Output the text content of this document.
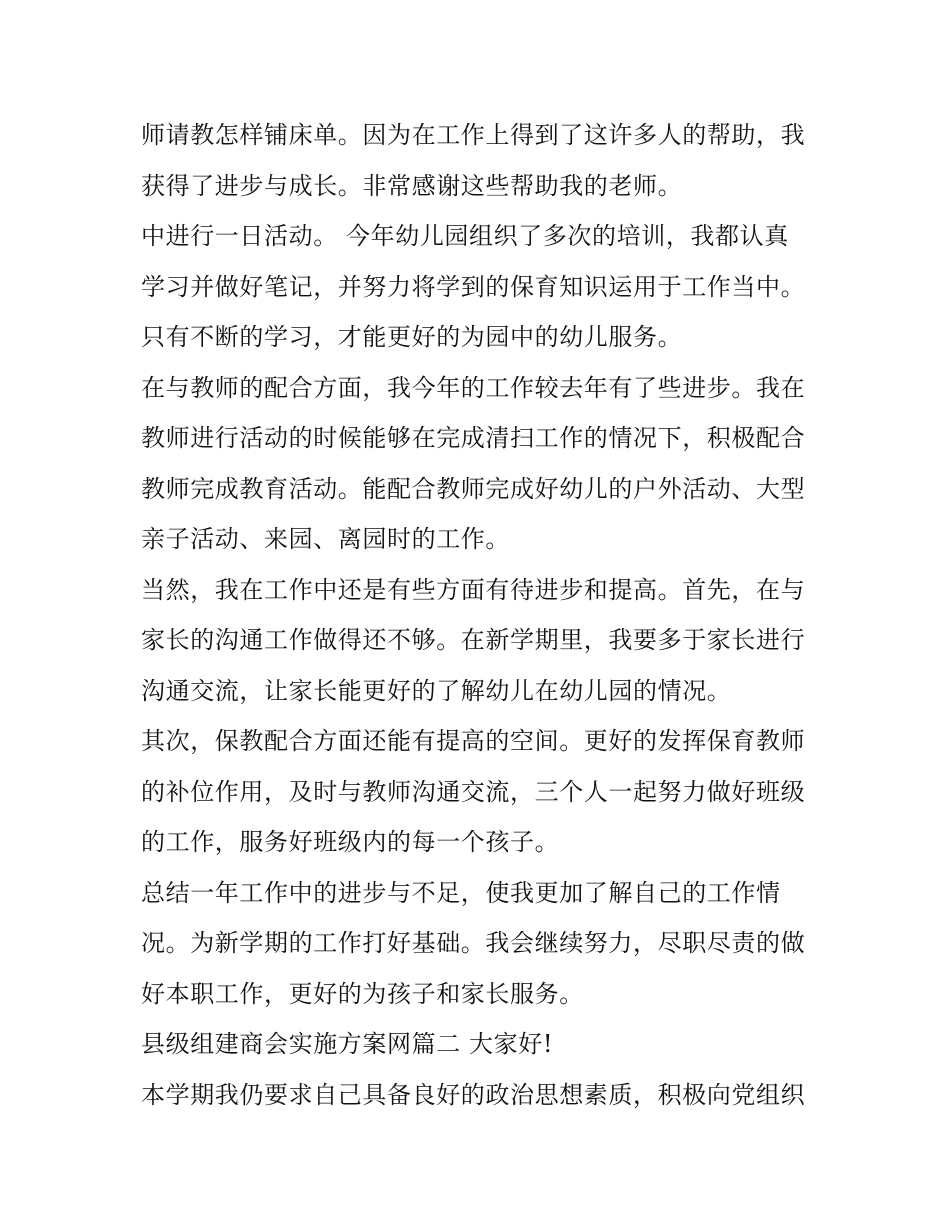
师请教怎样铺床单。因为在工作上得到了这许多人的帮助，我
获得了进步与成长。非常感谢这些帮助我的老师。

中进行一日活动。 今年幼儿园组织了多次的培训，我都认真
学习并做好笔记，并努力将学到的保育知识运用于工作当中。
只有不断的学习，才能更好的为园中的幼儿服务。

在与教师的配合方面，我今年的工作较去年有了些进步。我在
教师进行活动的时候能够在完成清扫工作的情况下，积极配合
教师完成教育活动。能配合教师完成好幼儿的户外活动、大型
亲子活动、来园、离园时的工作。

当然，我在工作中还是有些方面有待进步和提高。首先，在与
家长的沟通工作做得还不够。在新学期里，我要多于家长进行
沟通交流，让家长能更好的了解幼儿在幼儿园的情况。

其次，保教配合方面还能有提高的空间。更好的发挥保育教师
的补位作用，及时与教师沟通交流，三个人一起努力做好班级
的工作，服务好班级内的每一个孩子。

总结一年工作中的进步与不足，使我更加了解自己的工作情
况。为新学期的工作打好基础。我会继续努力，尽职尽责的做
好本职工作，更好的为孩子和家长服务。

县级组建商会实施方案网篇二 大家好!

本学期我仍要求自己具备良好的政治思想素质，积极向党组织
